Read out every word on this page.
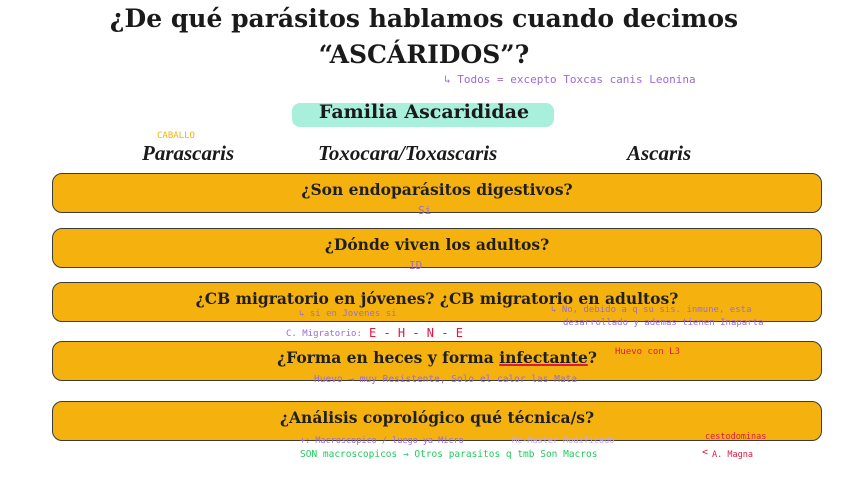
¿De qué parásitos hablamos cuando decimos
“ASCÁRIDOS”?
↳ Todos = excepto Toxcas canis Leonina
Familia Ascarididae
CABALLO
Parascaris	Toxocara/Toxascaris	Ascaris
¿Son endoparásitos digestivos?
Si
¿Dónde viven los adultos?
ID
¿CB migratorio en jóvenes? ¿CB migratorio en adultos?
↳ si en Jovenes si	↳ No, debido a q su sis. inmune, esta
desarrollado y ademas tienen Inaparta
C. Migratorio: E - H - N - E
¿Forma en heces y forma infectante?	Huevo con L3
Huevo → muy Resistente, Solo el calor las Mata
¿Análisis coprológico qué técnica/s?
+: Macroscopico / luego ya Micro	Mc-Master Modificado	cestodominas
SON macroscopicos → Otros parasitos q tmb Son Macros	< A. Magna
